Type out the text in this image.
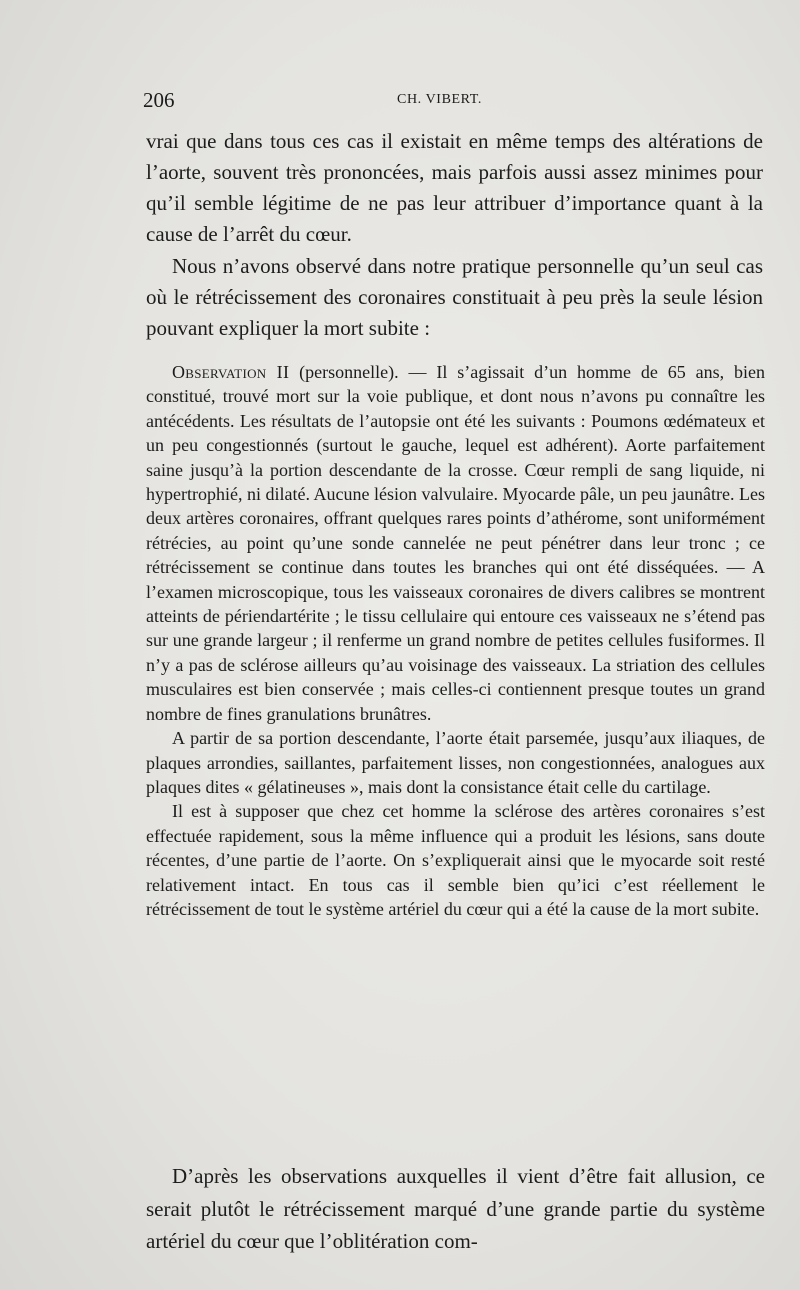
206	CH. VIBERT.

vrai que dans tous ces cas il existait en même temps des altérations de l’aorte, souvent très prononcées, mais parfois aussi assez minimes pour qu’il semble légitime de ne pas leur attribuer d’importance quant à la cause de l’arrêt du cœur.

Nous n’avons observé dans notre pratique personnelle qu’un seul cas où le rétrécissement des coronaires constituait à peu près la seule lésion pouvant expliquer la mort subite :

Observation II (personnelle). — Il s’agissait d’un homme de 65 ans, bien constitué, trouvé mort sur la voie publique, et dont nous n’avons pu connaître les antécédents. Les résultats de l’autopsie ont été les suivants : Poumons œdémateux et un peu congestionnés (surtout le gauche, lequel est adhérent). Aorte parfaitement saine jusqu’à la portion descendante de la crosse. Cœur rempli de sang liquide, ni hypertrophié, ni dilaté. Aucune lésion valvulaire. Myocarde pâle, un peu jaunâtre. Les deux artères coronaires, offrant quelques rares points d’athérome, sont uniformément rétrécies, au point qu’une sonde cannelée ne peut pénétrer dans leur tronc ; ce rétrécissement se continue dans toutes les branches qui ont été disséquées. — A l’examen microscopique, tous les vaisseaux coronaires de divers calibres se montrent atteints de périendartérite ; le tissu cellulaire qui entoure ces vaisseaux ne s’étend pas sur une grande largeur ; il renferme un grand nombre de petites cellules fusiformes. Il n’y a pas de sclérose ailleurs qu’au voisinage des vaisseaux. La striation des cellules musculaires est bien conservée ; mais celles-ci contiennent presque toutes un grand nombre de fines granulations brunâtres.

A partir de sa portion descendante, l’aorte était parsemée, jusqu’aux iliaques, de plaques arrondies, saillantes, parfaitement lisses, non congestionnées, analogues aux plaques dites « gélatineuses », mais dont la consistance était celle du cartilage.

Il est à supposer que chez cet homme la sclérose des artères coronaires s’est effectuée rapidement, sous la même influence qui a produit les lésions, sans doute récentes, d’une partie de l’aorte. On s’expliquerait ainsi que le myocarde soit resté relativement intact. En tous cas il semble bien qu’ici c’est réellement le rétrécissement de tout le système artériel du cœur qui a été la cause de la mort subite.

D’après les observations auxquelles il vient d’être fait allusion, ce serait plutôt le rétrécissement marqué d’une grande partie du système artériel du cœur que l’oblitération com-
